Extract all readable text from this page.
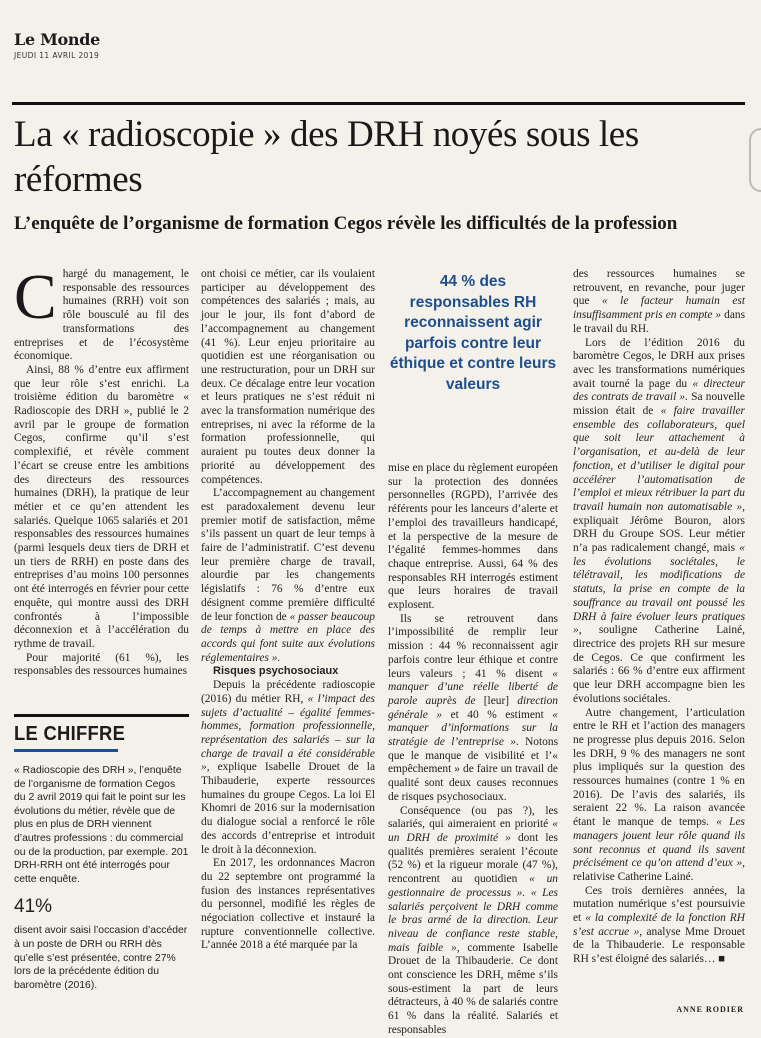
Le Monde
JEUDI 11 AVRIL 2019
La « radioscopie » des DRH noyés sous les réformes
L’enquête de l’organisme de formation Cegos révèle les difficultés de la profession

Chargé du management, le responsable des ressources humaines (RRH) voit son rôle bousculé au fil des transformations des entreprises et de l’écosystème économique.

Ainsi, 88 % d’entre eux affirment que leur rôle s’est enrichi. La troisième édition du baromètre « Radioscopie des DRH », publié le 2 avril par le groupe de formation Cegos, confirme qu’il s’est complexifié, et révèle comment l’écart se creuse entre les ambitions des directeurs des ressources humaines (DRH), la pratique de leur métier et ce qu’en attendent les salariés. Quelque 1065 salariés et 201 responsables des ressources humaines (parmi lesquels deux tiers de DRH et un tiers de RRH) en poste dans des entreprises d’au moins 100 personnes ont été interrogés en février pour cette enquête, qui montre aussi des DRH confrontés à l’impossible déconnexion et à l’accélération du rythme de travail.

Pour majorité (61 %), les responsables des ressources humaines

LE CHIFFRE
« Radioscopie des DRH », l’enquête de l’organisme de formation Cegos du 2 avril 2019 qui fait le point sur les évolutions du métier, révèle que de plus en plus de DRH viennent d’autres professions : du commercial ou de la production, par exemple. 201 DRH-RRH ont été interrogés pour cette enquête.
41%
disent avoir saisi l’occasion d’accéder à un poste de DRH ou RRH dès qu’elle s’est présentée, contre 27% lors de la précédente édition du baromètre (2016).

ont choisi ce métier, car ils voulaient participer au développement des compétences des salariés ; mais, au jour le jour, ils font d’abord de l’accompagnement au changement (41 %). Leur enjeu prioritaire au quotidien est une réorganisation ou une restructuration, pour un DRH sur deux. Ce décalage entre leur vocation et leurs pratiques ne s’est réduit ni avec la transformation numérique des entreprises, ni avec la réforme de la formation professionnelle, qui auraient pu toutes deux donner la priorité au développement des compétences.

L’accompagnement au changement est paradoxalement devenu leur premier motif de satisfaction, même s’ils passent un quart de leur temps à faire de l’administratif. C’est devenu leur première charge de travail, alourdie par les changements législatifs : 76 % d’entre eux désignent comme première difficulté de leur fonction de « passer beaucoup de temps à mettre en place des accords qui font suite aux évolutions réglementaires ».

Risques psychosociaux

Depuis la précédente radioscopie (2016) du métier RH, « l’impact des sujets d’actualité – égalité femmes-hommes, formation professionnelle, représentation des salariés – sur la charge de travail a été considérable », explique Isabelle Drouet de la Thibauderie, experte ressources humaines du groupe Cegos. La loi El Khomri de 2016 sur la modernisation du dialogue social a renforcé le rôle des accords d’entreprise et introduit le droit à la déconnexion.

En 2017, les ordonnances Macron du 22 septembre ont programmé la fusion des instances représentatives du personnel, modifié les règles de négociation collective et instauré la rupture conventionnelle collective. L’année 2018 a été marquée par la

44 % des responsables RH reconnaissent agir parfois contre leur éthique et contre leurs valeurs

mise en place du règlement européen sur la protection des données personnelles (RGPD), l’arrivée des référents pour les lanceurs d’alerte et l’emploi des travailleurs handicapé, et la perspective de la mesure de l’égalité femmes-hommes dans chaque entreprise. Aussi, 64 % des responsables RH interrogés estiment que leurs horaires de travail explosent.

Ils se retrouvent dans l’impossibilité de remplir leur mission : 44 % reconnaissent agir parfois contre leur éthique et contre leurs valeurs ; 41 % disent « manquer d’une réelle liberté de parole auprès de [leur] direction générale » et 40 % estiment « manquer d’informations sur la stratégie de l’entreprise ». Notons que le manque de visibilité et l’« empêchement » de faire un travail de qualité sont deux causes reconnues de risques psychosociaux.

Conséquence (ou pas ?), les salariés, qui aimeraient en priorité « un DRH de proximité » dont les qualités premières seraient l’écoute (52 %) et la rigueur morale (47 %), rencontrent au quotidien « un gestionnaire de processus ». « Les salariés perçoivent le DRH comme le bras armé de la direction. Leur niveau de confiance reste stable, mais faible », commente Isabelle Drouet de la Thibauderie. Ce dont ont conscience les DRH, même s’ils sous-estiment la part de leurs détracteurs, à 40 % de salariés contre 61 % dans la réalité. Salariés et responsables

des ressources humaines se retrouvent, en revanche, pour juger que « le facteur humain est insuffisamment pris en compte » dans le travail du RH.

Lors de l’édition 2016 du baromètre Cegos, le DRH aux prises avec les transformations numériques avait tourné la page du « directeur des contrats de travail ». Sa nouvelle mission était de « faire travailler ensemble des collaborateurs, quel que soit leur attachement à l’organisation, et au-delà de leur fonction, et d’utiliser le digital pour accélérer l’automatisation de l’emploi et mieux rétribuer la part du travail humain non automatisable », expliquait Jérôme Bouron, alors DRH du Groupe SOS. Leur métier n’a pas radicalement changé, mais « les évolutions sociétales, le télétravail, les modifications de statuts, la prise en compte de la souffrance au travail ont poussé les DRH à faire évoluer leurs pratiques », souligne Catherine Lainé, directrice des projets RH sur mesure de Cegos. Ce que confirment les salariés : 66 % d’entre eux affirment que leur DRH accompagne bien les évolutions sociétales.

Autre changement, l’articulation entre le RH et l’action des managers ne progresse plus depuis 2016. Selon les DRH, 9 % des managers ne sont plus impliqués sur la question des ressources humaines (contre 1 % en 2016). De l’avis des salariés, ils seraient 22 %. La raison avancée étant le manque de temps. « Les managers jouent leur rôle quand ils sont reconnus et quand ils savent précisément ce qu’on attend d’eux », relativise Catherine Lainé.

Ces trois dernières années, la mutation numérique s’est poursuivie et « la complexité de la fonction RH s’est accrue », analyse Mme Drouet de la Thibauderie. Le responsable RH s’est éloigné des salariés… ■

ANNE RODIER
